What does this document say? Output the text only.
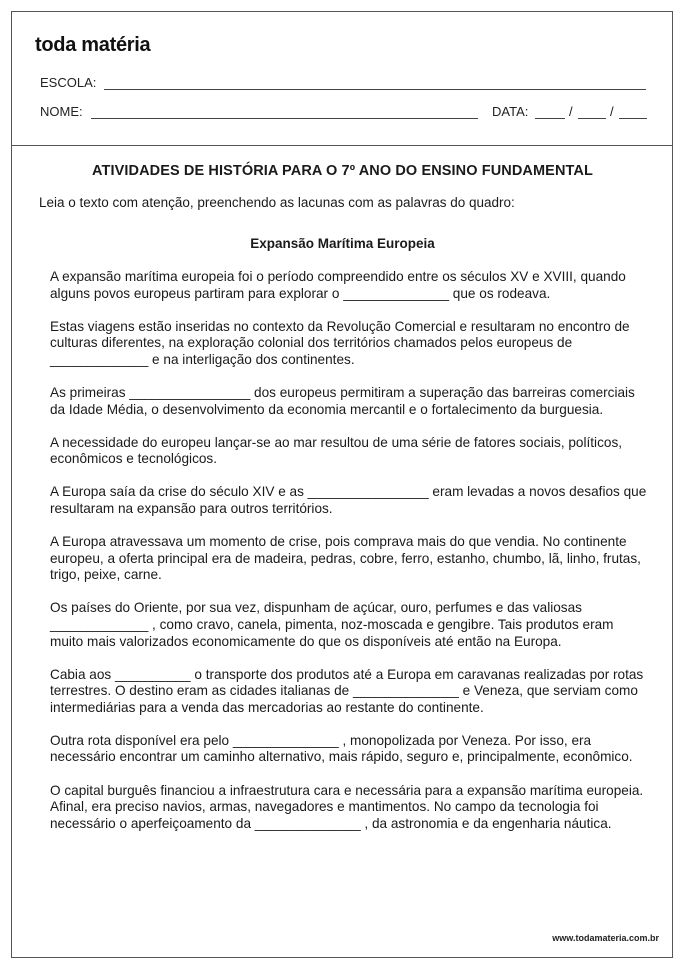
toda matéria
ESCOLA:
NOME:	DATA:	/	/
ATIVIDADES DE HISTÓRIA PARA O 7º ANO DO ENSINO FUNDAMENTAL
Leia o texto com atenção, preenchendo as lacunas com as palavras do quadro:
Expansão Marítima Europeia

A expansão marítima europeia foi o período compreendido entre os séculos XV e XVIII, quando alguns povos europeus partiram para explorar o ______________ que os rodeava.

Estas viagens estão inseridas no contexto da Revolução Comercial e resultaram no encontro de culturas diferentes, na exploração colonial dos territórios chamados pelos europeus de _____________ e na interligação dos continentes.

As primeiras ________________ dos europeus permitiram a superação das barreiras comerciais da Idade Média, o desenvolvimento da economia mercantil e o fortalecimento da burguesia.

A necessidade do europeu lançar-se ao mar resultou de uma série de fatores sociais, políticos, econômicos e tecnológicos.

A Europa saía da crise do século XIV e as ________________ eram levadas a novos desafios que resultaram na expansão para outros territórios.

A Europa atravessava um momento de crise, pois comprava mais do que vendia. No continente europeu, a oferta principal era de madeira, pedras, cobre, ferro, estanho, chumbo, lã, linho, frutas, trigo, peixe, carne.

Os países do Oriente, por sua vez, dispunham de açúcar, ouro, perfumes e das valiosas _____________ , como cravo, canela, pimenta, noz-moscada e gengibre. Tais produtos eram muito mais valorizados economicamente do que os disponíveis até então na Europa.

Cabia aos __________ o transporte dos produtos até a Europa em caravanas realizadas por rotas terrestres. O destino eram as cidades italianas de ______________ e Veneza, que serviam como intermediárias para a venda das mercadorias ao restante do continente.

Outra rota disponível era pelo ______________ , monopolizada por Veneza. Por isso, era necessário encontrar um caminho alternativo, mais rápido, seguro e, principalmente, econômico.

O capital burguês financiou a infraestrutura cara e necessária para a expansão marítima europeia. Afinal, era preciso navios, armas, navegadores e mantimentos. No campo da tecnologia foi necessário o aperfeiçoamento da ______________ , da astronomia e da engenharia náutica.

www.todamateria.com.br
